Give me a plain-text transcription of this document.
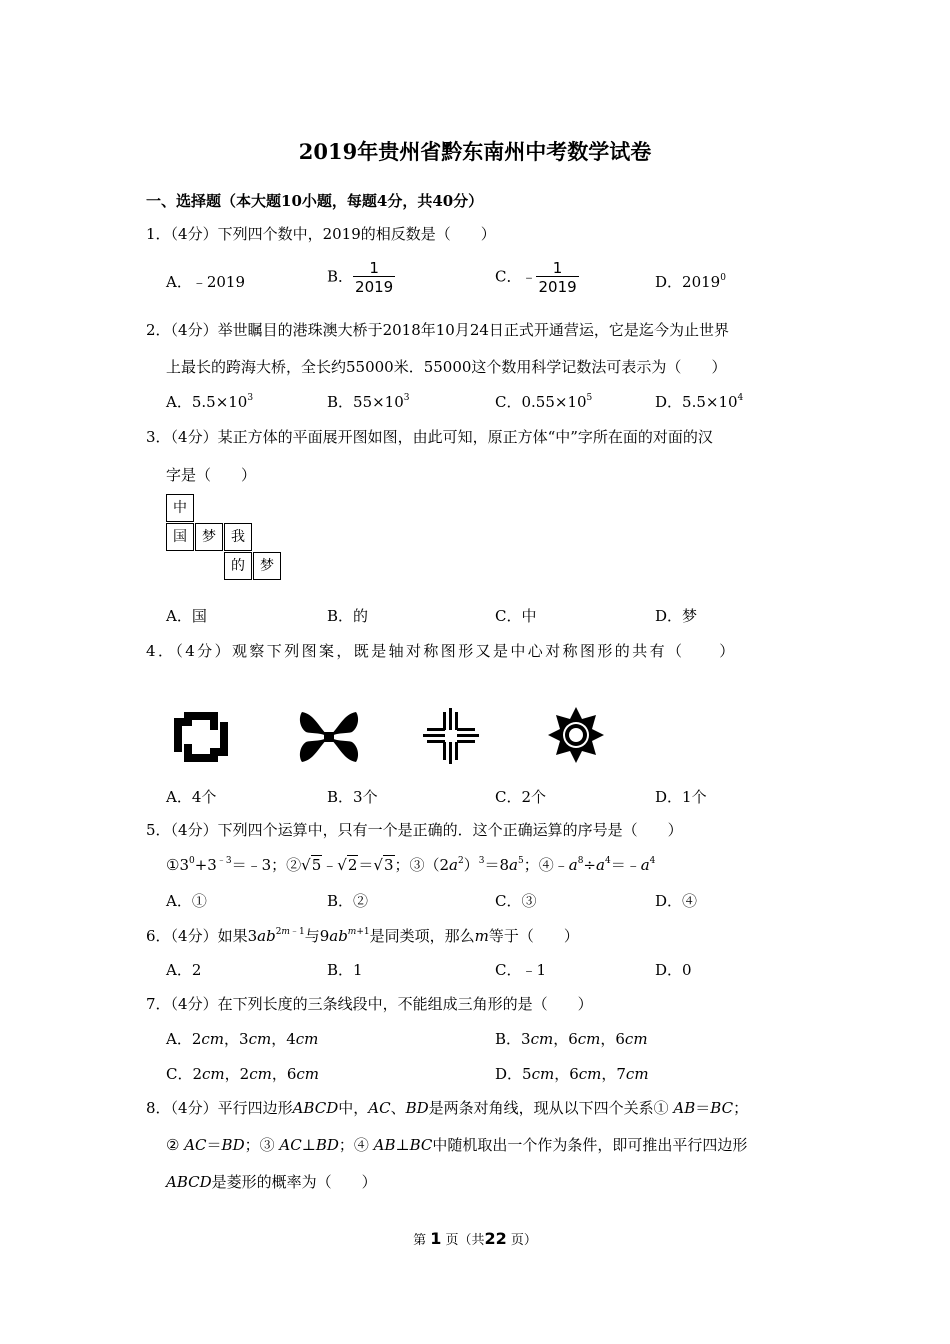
2019年贵州省黔东南州中考数学试卷
一、选择题（本大题10小题，每题4分，共40分）
1．（4分）下列四个数中，2019的相反数是（　　）
A．﹣2019	B． $\frac{1}{2019}$	C．﹣ $\frac{1}{2019}$	D．2019$^0$
2．（4分）举世瞩目的港珠澳大桥于2018年10月24日正式开通营运，它是迄今为止世界
上最长的跨海大桥，全长约55000米．55000这个数用科学记数法可表示为（　　）
A．$5.5\times 10^3$	B．$55\times 10^3$	C．$0.55\times 10^5$	D．$5.5\times 10^4$
3．（4分）某正方体的平面展开图如图，由此可知，原正方体“中”字所在面的对面的汉
字是（　　）
中
国	梦	我
的	梦
A．国	B．的	C．中	D．梦
4．（4分）观察下列图案，既是轴对称图形又是中心对称图形的共有（　　）
A．4个	B．3个	C．2个	D．1个
5．（4分）下列四个运算中，只有一个是正确的．这个正确运算的序号是（　　）
$①3^0+3^{﹣3}=﹣3$；②√5﹣√2＝√3；$③(2a^2)^3=8a^5$；$④﹣a^8\div a^4=﹣a^4$
A．①	B．②	C．③	D．④
6．（4分）如果$3ab^{2m﹣1}$与$9ab^{m+1}$是同类项，那么m等于（　　）
A．2	B．1	C．﹣1	D．0
7．（4分）在下列长度的三条线段中，不能组成三角形的是（　　）
A．2cm，3cm，4cm	B．3cm，6cm，6cm
C．2cm，2cm，6cm	D．5cm，6cm，7cm
8．（4分）平行四边形ABCD中，AC、BD是两条对角线，现从以下四个关系① AB＝BC；
② AC＝BD；③ AC⊥BD；④ AB⊥BC中随机取出一个作为条件，即可推出平行四边形
ABCD是菱形的概率为（　　）
第 1 页（共22 页）
